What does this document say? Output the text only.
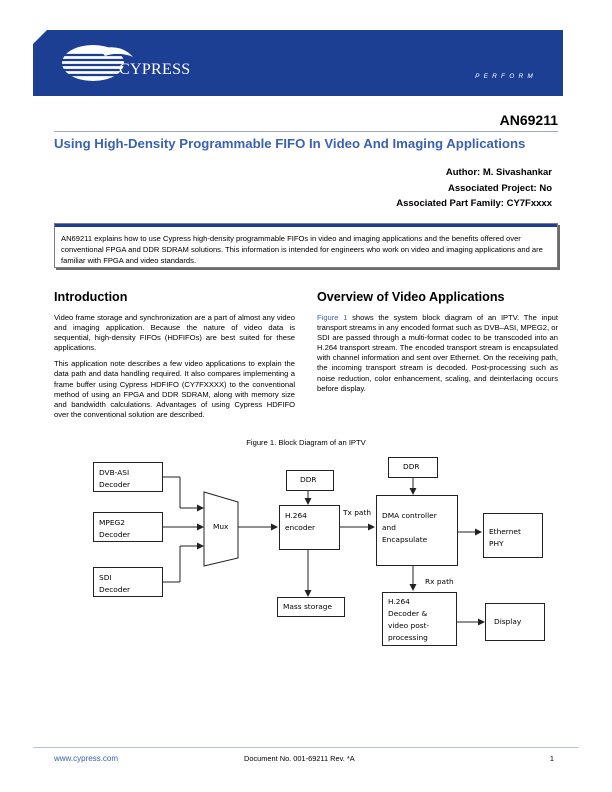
CYPRESS	PERFORM
AN69211
Using High-Density Programmable FIFO In Video And Imaging Applications
Author: M. Sivashankar
Associated Project: No
Associated Part Family: CY7Fxxxx
AN69211 explains how to use Cypress high-density programmable FIFOs in video and imaging applications and the benefits offered over conventional FPGA and DDR SDRAM solutions. This information is intended for engineers who work on video and imaging applications and are familiar with FPGA and video standards.
Introduction

Video frame storage and synchronization are a part of almost any video and imaging application. Because the nature of video data is sequential, high-density FIFOs (HDFIFOs) are best suited for these applications.

This application note describes a few video applications to explain the data path and data handling required. It also compares implementing a frame buffer using Cypress HDFIFO (CY7FXXXX) to the conventional method of using an FPGA and DDR SDRAM, along with memory size and bandwidth calculations. Advantages of using Cypress HDFIFO over the conventional solution are described.

Overview of Video Applications
Figure 1 shows the system block diagram of an IPTV. The input transport streams in any encoded format such as DVB–ASI, MPEG2, or SDI are passed through a multi-format codec to be transcoded into an H.264 transport stream. The encoded transport stream is encapsulated with channel information and sent over Ethernet. On the receiving path, the incoming transport stream is decoded. Post-processing such as noise reduction, color enhancement, scaling, and deinterlacing occurs before display.
Figure 1. Block Diagram of an IPTV
DVB-ASI
Decoder
MPEG2
Decoder
SDI
Decoder
Mux
DDR
H.264
encoder
Mass storage
Tx path
DDR
DMA controller
and
Encapsulate
Ethernet
PHY
Rx path
H.264
Decoder &
video post-
processing
Display
www.cypress.com	Document No. 001-69211 Rev. *A	1
